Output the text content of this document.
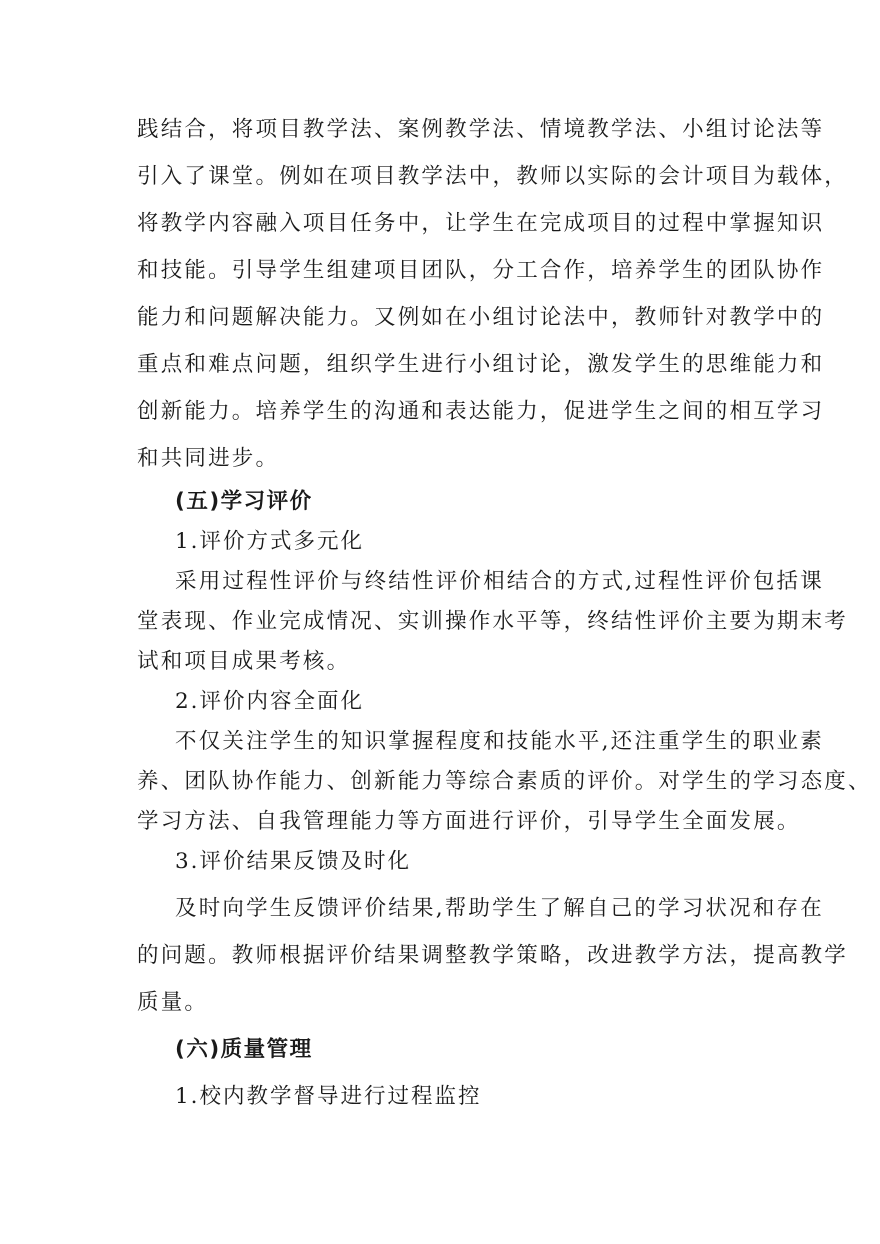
践结合，将项目教学法、案例教学法、情境教学法、小组讨论法等
引入了课堂。例如在项目教学法中，教师以实际的会计项目为载体，
将教学内容融入项目任务中，让学生在完成项目的过程中掌握知识
和技能。引导学生组建项目团队，分工合作，培养学生的团队协作
能力和问题解决能力。又例如在小组讨论法中，教师针对教学中的
重点和难点问题，组织学生进行小组讨论，激发学生的思维能力和
创新能力。培养学生的沟通和表达能力，促进学生之间的相互学习
和共同进步。
(五)学习评价
1.评价方式多元化
采用过程性评价与终结性评价相结合的方式,过程性评价包括课
堂表现、作业完成情况、实训操作水平等，终结性评价主要为期末考
试和项目成果考核。
2.评价内容全面化
不仅关注学生的知识掌握程度和技能水平,还注重学生的职业素
养、团队协作能力、创新能力等综合素质的评价。对学生的学习态度、
学习方法、自我管理能力等方面进行评价，引导学生全面发展。
3.评价结果反馈及时化
及时向学生反馈评价结果,帮助学生了解自己的学习状况和存在
的问题。教师根据评价结果调整教学策略，改进教学方法，提高教学
质量。
(六)质量管理
1.校内教学督导进行过程监控
